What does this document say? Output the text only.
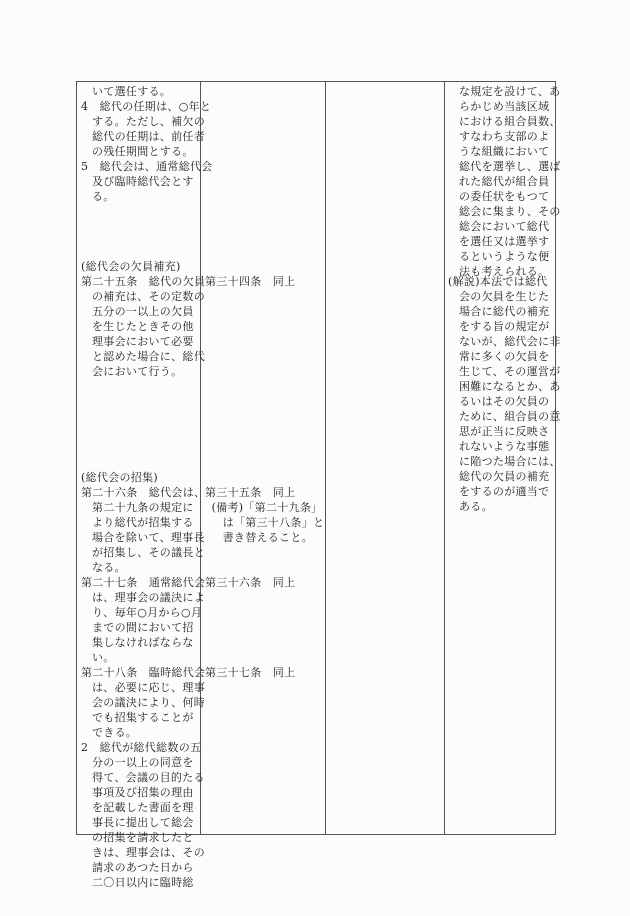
いて選任する。
4　総代の任期は、○年と
する。ただし、補欠の
総代の任期は、前任者
の残任期間とする。
5　総代会は、通常総代会
及び臨時総代会とす
る。
(総代会の欠員補充)
第二十五条　総代の欠員
の補充は、その定数の
五分の一以上の欠員
を生じたときその他
理事会において必要
と認めた場合に、総代
会において行う。
(総代会の招集)
第二十六条　総代会は、
第二十九条の規定に
より総代が招集する
場合を除いて、理事長
が招集し、その議長と
なる。
第二十七条　通常総代会
は、理事会の議決によ
り、毎年○月から○月
までの間において招
集しなければならな
い。
第二十八条　臨時総代会
は、必要に応じ、理事
会の議決により、何時
でも招集することが
できる。
2　総代が総代総数の五
分の一以上の同意を
得て、会議の目的たる
事項及び招集の理由
を記載した書面を理
事長に提出して総会
の招集を請求したと
きは、理事会は、その
請求のあつた日から
二〇日以内に臨時総
第三十四条　同上
第三十五条　同上
(備考)「第二十九条」
は「第三十八条」と
書き替えること。
第三十六条　同上
第三十七条　同上
な規定を設けて、あ
らかじめ当該区域
における組合員数、
すなわち支部のよ
うな組織において
総代を選挙し、選ば
れた総代が組合員
の委任状をもつて
総会に集まり、その
総会において総代
を選任又は選挙す
るというような便
法も考えられる。
(解説)本法では総代
会の欠員を生じた
場合に総代の補充
をする旨の規定が
ないが、総代会に非
常に多くの欠員を
生じて、その運営が
困難になるとか、あ
るいはその欠員の
ために、組合員の意
思が正当に反映さ
れないような事態
に陥つた場合には、
総代の欠員の補充
をするのが適当で
ある。
